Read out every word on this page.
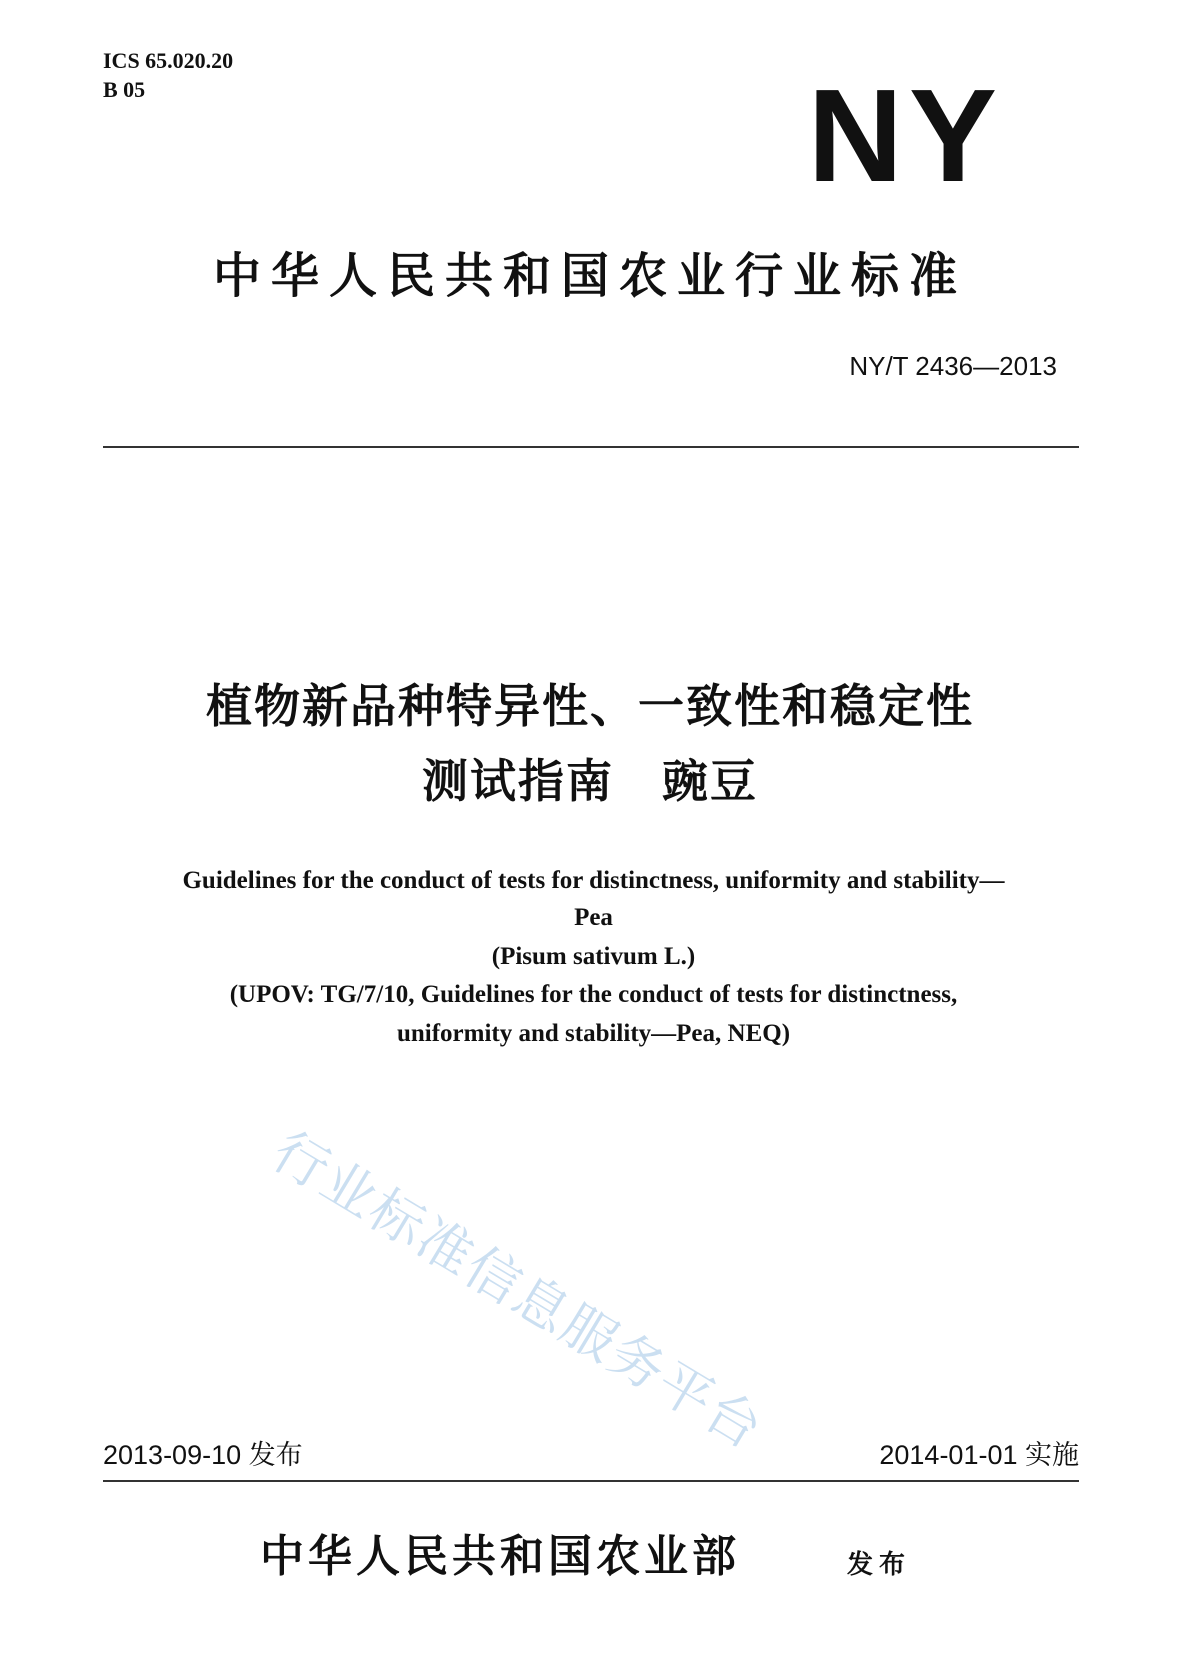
ICS 65.020.20
B 05	NY
中华人民共和国农业行业标准
NY/T 2436—2013
植物新品种特异性、一致性和稳定性
测试指南　豌豆
Guidelines for the conduct of tests for distinctness, uniformity and stability—
Pea
(Pisum sativum L.)
(UPOV: TG/7/10, Guidelines for the conduct of tests for distinctness,
uniformity and stability—Pea, NEQ)
行业标准信息服务平台
2013-09-10 发布	2014-01-01 实施
中华人民共和国农业部	发布
